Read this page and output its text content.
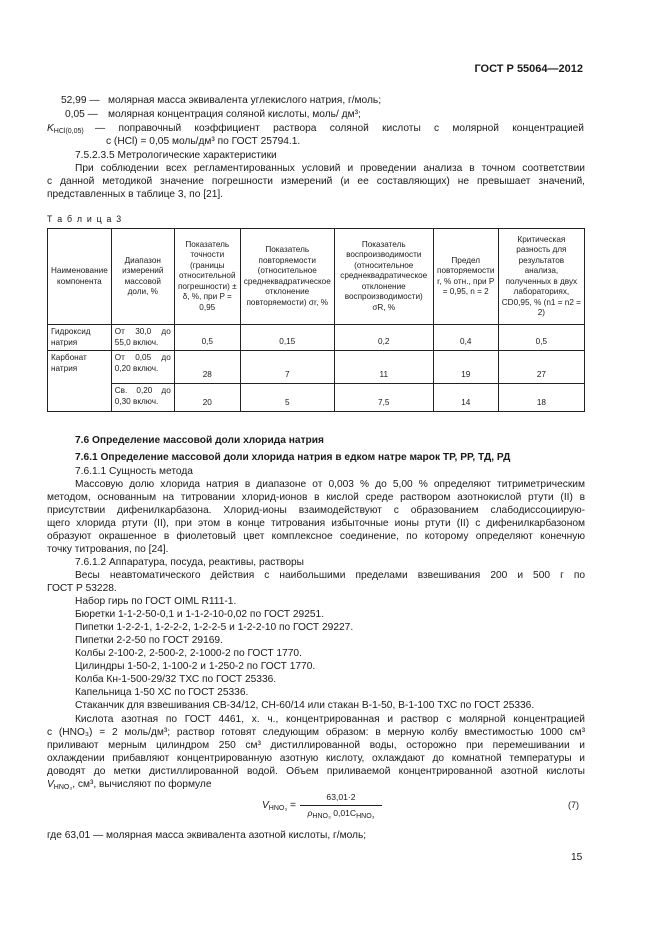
ГОСТ Р 55064—2012
52,99 — молярная масса эквивалента углекислого натрия, г/моль;
0,05 — молярная концентрация соляной кислоты, моль/ дм³;
$K_{HCl(0,05)}$ — поправочный коэффициент раствора соляной кислоты с молярной концентрацией
с (HCl) = 0,05 моль/дм³ по ГОСТ 25794.1.
7.5.2.3.5 Метрологические характеристики
При соблюдении всех регламентированных условий и проведении анализа в точном соответствии
с данной методикой значение погрешности измерений (и ее составляющих) не превышает значений,
представленных в таблице 3, по [21].
Т а б л и ц а 3
Наименование компонента	Диапазон измерений массовой доли, %	Показатель точности (границы относительной погрешности) ± δ, %, при P = 0,95	Показатель повторяемости (относительное среднеквадратическое отклонение повторяемости) σr, %	Показатель воспроизводимости (относительное среднеквадратическое отклонение воспроизводимости) σR, %	Предел повторяемости r, % отн., при P = 0,95, n = 2	Критическая разность для результатов анализа, полученных в двух лабораториях, CD0,95, % (n1 = n2 = 2)
Гидроксид натрия	От 30,0 до 55,0 включ.	0,5	0,15	0,2	0,4	0,5
Карбонат натрия	От 0,05 до 0,20 включ.	28	7	11	19	27
	Св. 0,20 до 0,30 включ.	20	5	7,5	14	18
7.6 Определение массовой доли хлорида натрия
7.6.1 Определение массовой доли хлорида натрия в едком натре марок ТР, РР, ТД, РД
7.6.1.1 Сущность метода
Массовую долю хлорида натрия в диапазоне от 0,003 % до 5,00 % определяют титриметрическим
методом, основанным на титровании хлорид-ионов в кислой среде раствором азотнокислой ртути (II) в
присутствии дифенилкарбазона. Хлорид-ионы взаимодействуют с образованием слабодиссоциирую-
щего хлорида ртути (II), при этом в конце титрования избыточные ионы ртути (II) с дифенилкарбазоном
образуют окрашенное в фиолетовый цвет комплексное соединение, по которому определяют конечную
точку титрования, по [24].
7.6.1.2 Аппаратура, посуда, реактивы, растворы
Весы неавтоматического действия с наибольшими пределами взвешивания 200 и 500 г по
ГОСТ Р 53228.
Набор гирь по ГОСТ OIML R111-1.
Бюретки 1-1-2-50-0,1 и 1-1-2-10-0,02 по ГОСТ 29251.
Пипетки 1-2-2-1, 1-2-2-2, 1-2-2-5 и 1-2-2-10 по ГОСТ 29227.
Пипетки 2-2-50 по ГОСТ 29169.
Колбы 2-100-2, 2-500-2, 2-1000-2 по ГОСТ 1770.
Цилиндры 1-50-2, 1-100-2 и 1-250-2 по ГОСТ 1770.
Колба Кн-1-500-29/32 ТХС по ГОСТ 25336.
Капельница 1-50 ХС по ГОСТ 25336.
Стаканчик для взвешивания СВ-34/12, СН-60/14 или стакан В-1-50, В-1-100 ТХС по ГОСТ 25336.
Кислота азотная по ГОСТ 4461, х. ч., концентрированная и раствор с молярной концентрацией
с (HNO₃) = 2 моль/дм³; раствор готовят следующим образом: в мерную колбу вместимостью 1000 см³
приливают мерным цилиндром 250 см³ дистиллированной воды, осторожно при перемешивании и
охлаждении прибавляют концентрированную азотную кислоту, охлаждают до комнатной температуры и
доводят до метки дистиллированной водой. Объем приливаемой концентрированной азотной кислоты
$V_{HNO_3}$, см³, вычисляют по формуле
$V_{HNO_3}$ =
63,01·2
$\rho_{HNO_3}$ $0,01C_{HNO_3}$
(7)
где 63,01 — молярная масса эквивалента азотной кислоты, г/моль;
15
